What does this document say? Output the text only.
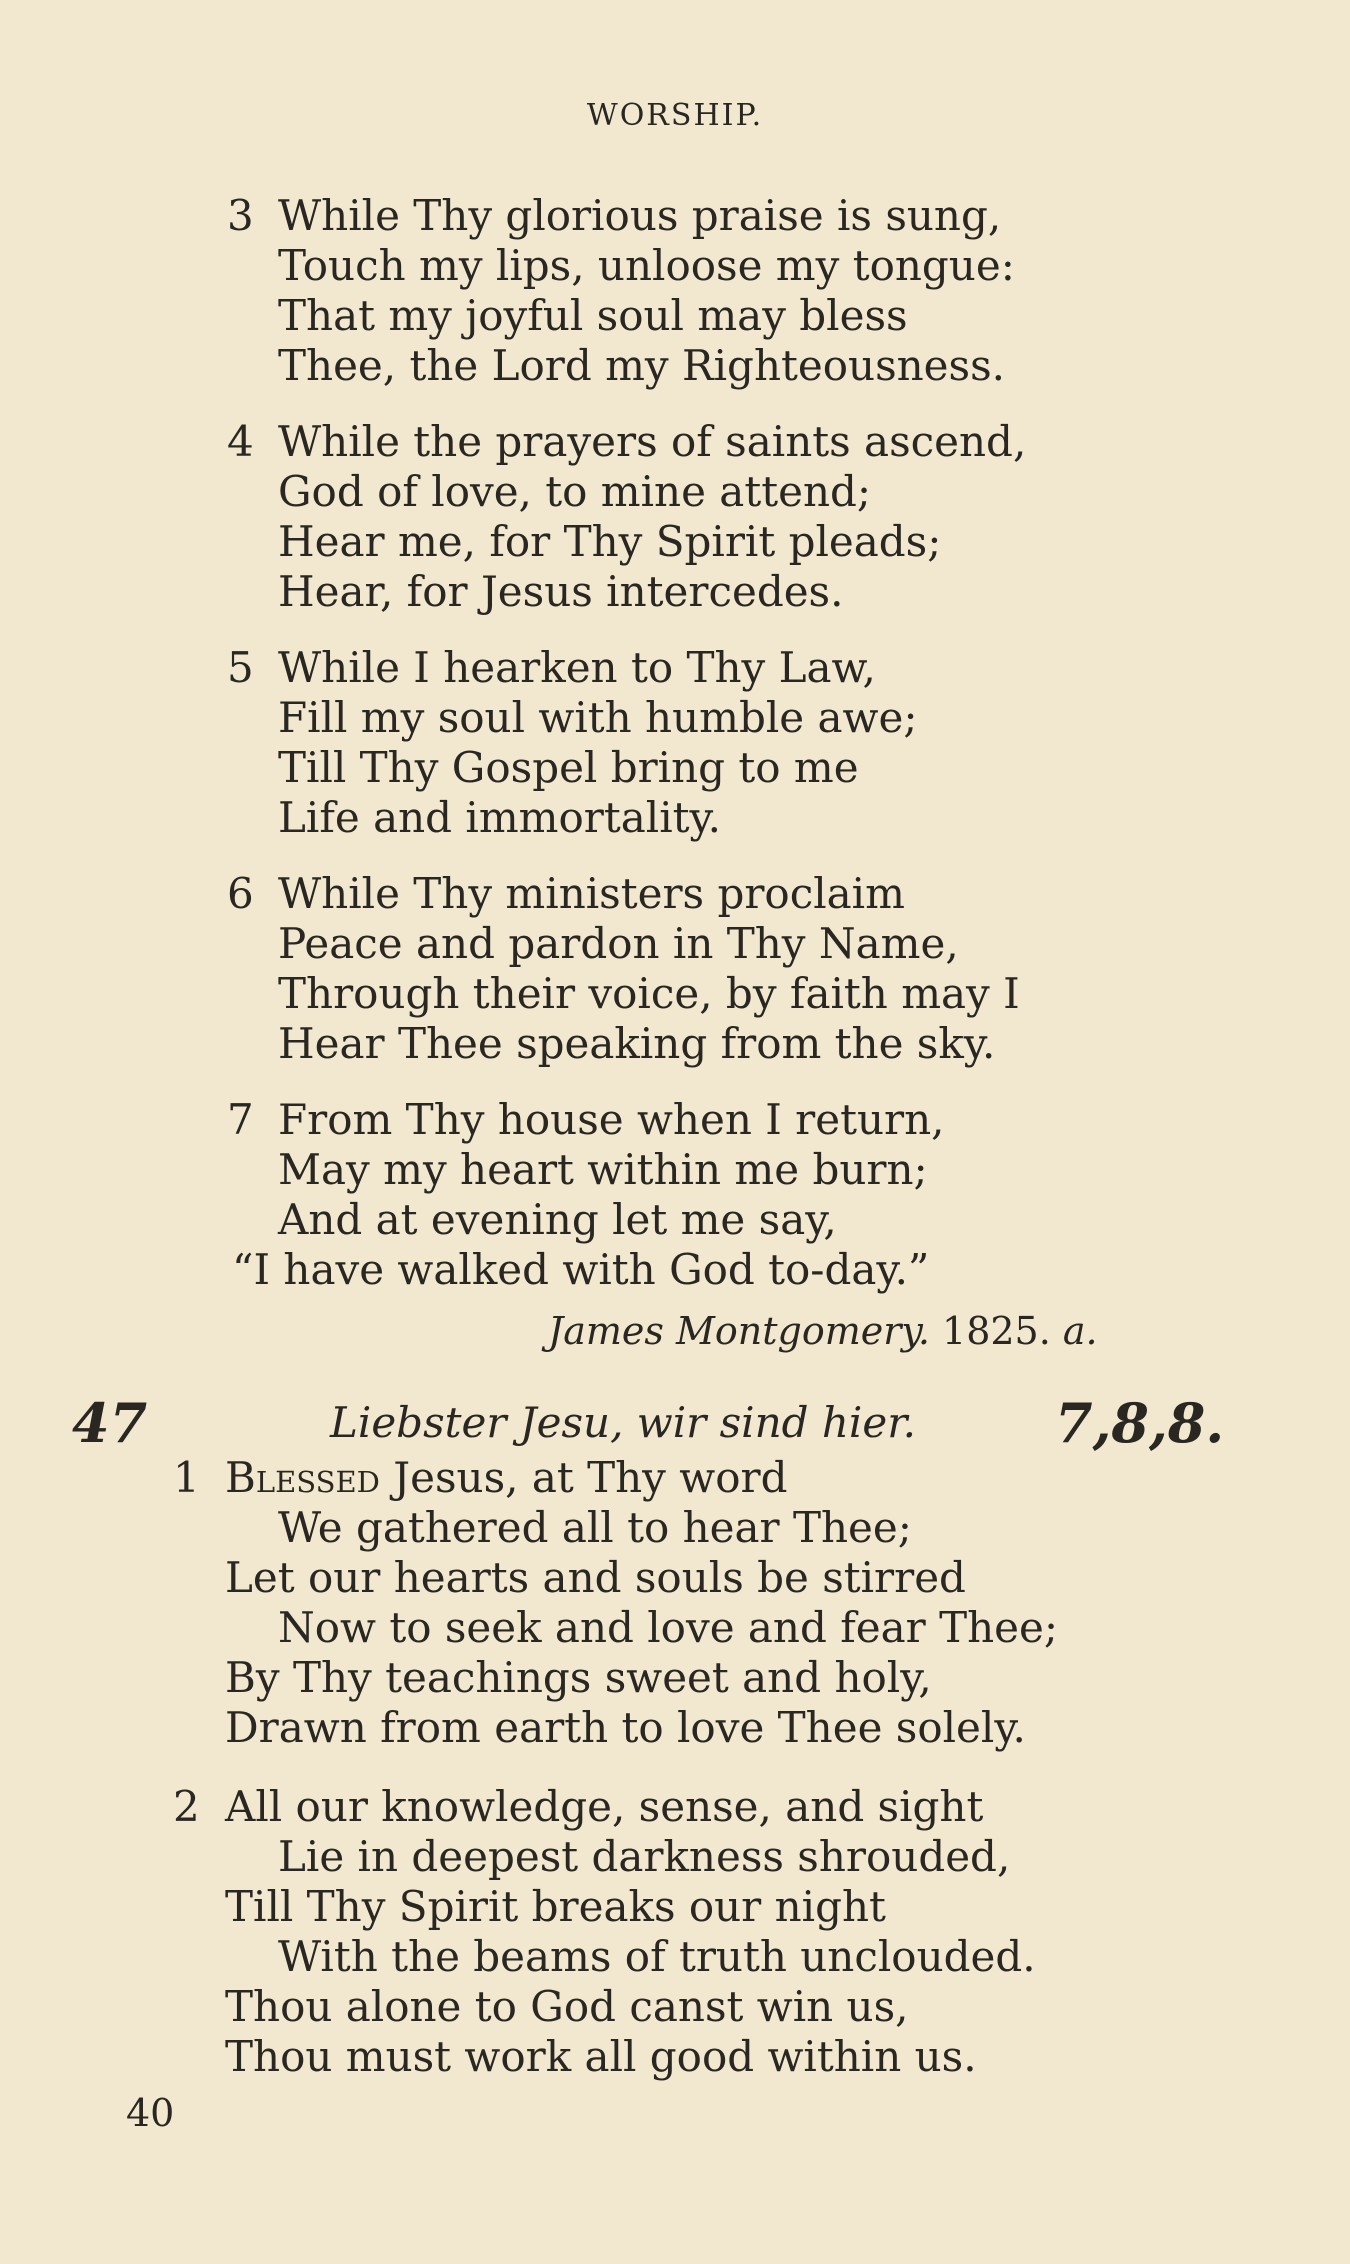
WORSHIP.
3 While Thy glorious praise is sung,
Touch my lips, unloose my tongue:
That my joyful soul may bless
Thee, the Lord my Righteousness.
4 While the prayers of saints ascend,
God of love, to mine attend;
Hear me, for Thy Spirit pleads;
Hear, for Jesus intercedes.
5 While I hearken to Thy Law,
Fill my soul with humble awe;
Till Thy Gospel bring to me
Life and immortality.
6 While Thy ministers proclaim
Peace and pardon in Thy Name,
Through their voice, by faith may I
Hear Thee speaking from the sky.
7 From Thy house when I return,
May my heart within me burn;
And at evening let me say,
“I have walked with God to-day.”
James Montgomery. 1825. a.
47	Liebster Jesu, wir sind hier.	7,8,8.
1 Blessed Jesus, at Thy word
We gathered all to hear Thee;
Let our hearts and souls be stirred
Now to seek and love and fear Thee;
By Thy teachings sweet and holy,
Drawn from earth to love Thee solely.
2 All our knowledge, sense, and sight
Lie in deepest darkness shrouded,
Till Thy Spirit breaks our night
With the beams of truth unclouded.
Thou alone to God canst win us,
Thou must work all good within us.
40
